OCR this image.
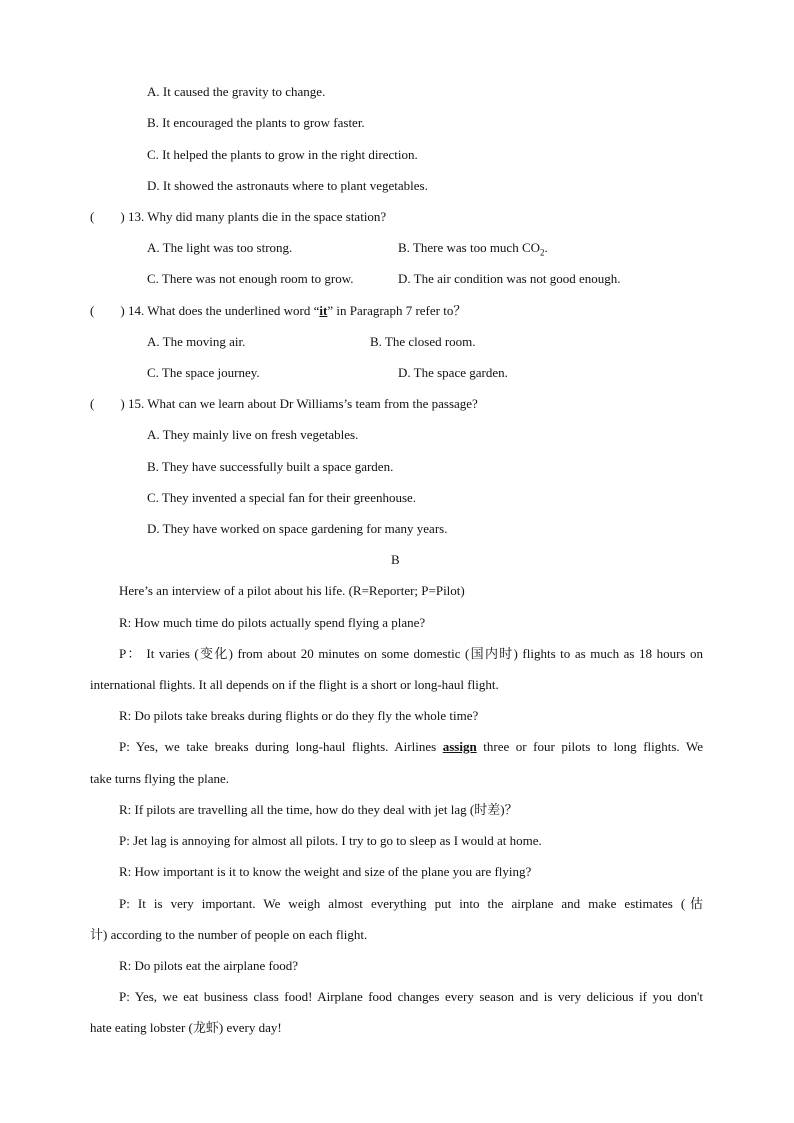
A. It caused the gravity to change.
B. It encouraged the plants to grow faster.
C. It helped the plants to grow in the right direction.
D. It showed the astronauts where to plant vegetables.
( ) 13. Why did many plants die in the space station?
A. The light was too strong.	B. There was too much $CO_2$.
C. There was not enough room to grow.	D. The air condition was not good enough.
( ) 14. What does the underlined word “it” in Paragraph 7 refer to？
A. The moving air.	B. The closed room.
C. The space journey.	D. The space garden.
( ) 15. What can we learn about Dr Williams’s team from the passage?
A. They mainly live on fresh vegetables.
B. They have successfully built a space garden.
C. They invented a special fan for their greenhouse.
D. They have worked on space gardening for many years.
B
Here’s an interview of a pilot about his life. (R=Reporter; P=Pilot)
R: How much time do pilots actually spend flying a plane?
P： It varies (变化) from about 20 minutes on some domestic (国内时) flights to as much as 18 hours on
international flights. It all depends on if the flight is a short or long-haul flight.
R: Do pilots take breaks during flights or do they fly the whole time?
P: Yes, we take breaks during long-haul flights. Airlines assign three or four pilots to long flights. We
take turns flying the plane.
R: If pilots are travelling all the time, how do they deal with jet lag (时差)？
P: Jet lag is annoying for almost all pilots. I try to go to sleep as I would at home.
R: How important is it to know the weight and size of the plane you are flying?
P: It is very important. We weigh almost everything put into the airplane and make estimates (估
计) according to the number of people on each flight.
R: Do pilots eat the airplane food?
P: Yes, we eat business class food! Airplane food changes every season and is very delicious if you don't
hate eating lobster (龙虾) every day!
